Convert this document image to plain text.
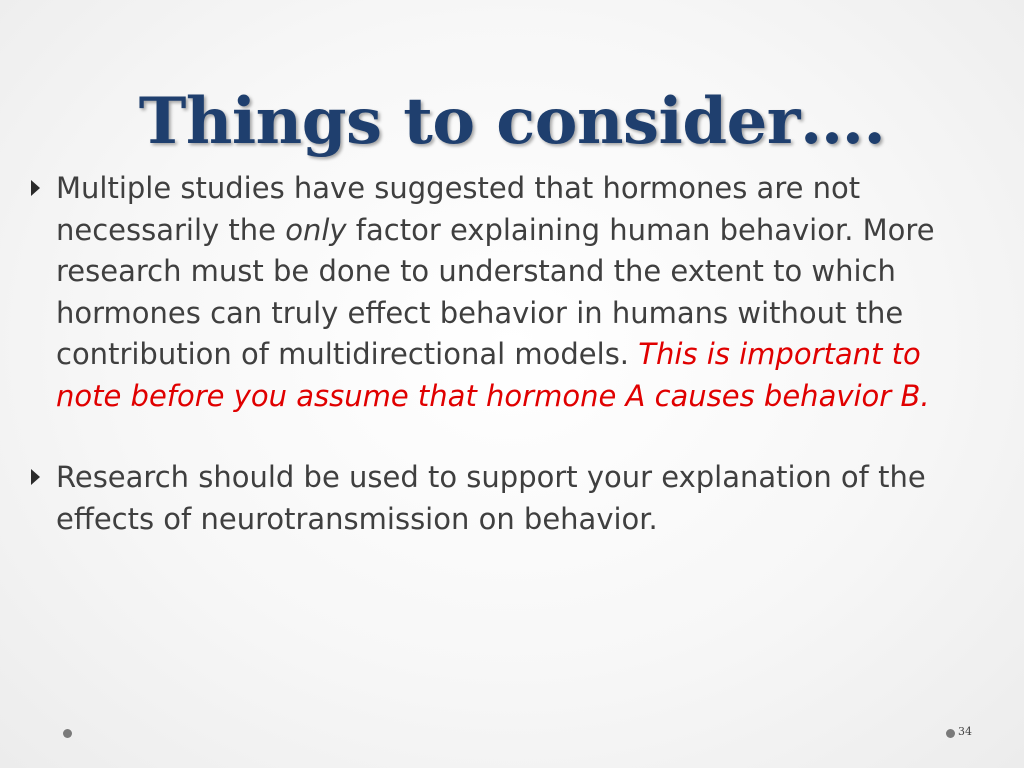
Things to consider….
Multiple studies have suggested that hormones are not necessarily the only factor explaining human behavior. More research must be done to understand the extent to which hormones can truly effect behavior in humans without the contribution of multidirectional models. This is important to note before you assume that hormone A causes behavior B.
Research should be used to support your explanation of the effects of neurotransmission on behavior.
34
